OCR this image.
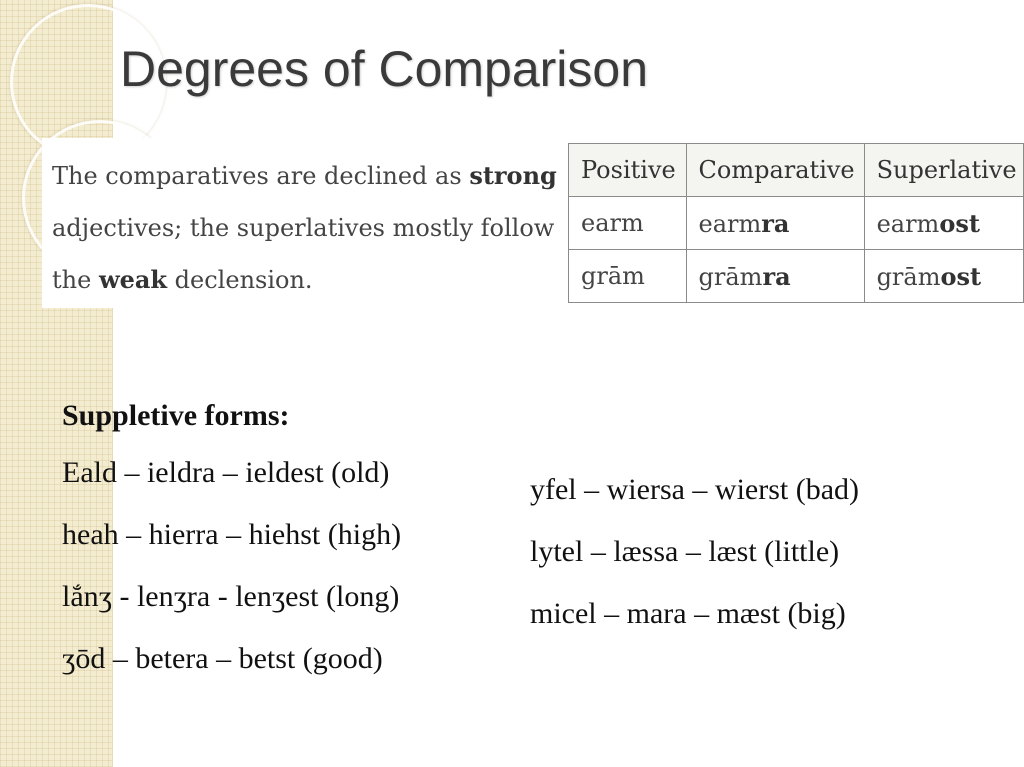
Degrees of Comparison

The comparatives are declined as strong

adjectives; the superlatives mostly follow

the weak declension.

Positive	Comparative	Superlative
earm	earmra	earmost
grām	grāmra	grāmost
Suppletive forms:

Eald – ieldra – ieldest (old)

heah – hierra – hiehst (high)

lắnʒ - lenʒra - lenʒest (long)

ʒōd – betera – betst (good)

yfel – wiersa – wierst (bad)

lytel – læssa – læst (little)

micel – mara – mæst (big)
